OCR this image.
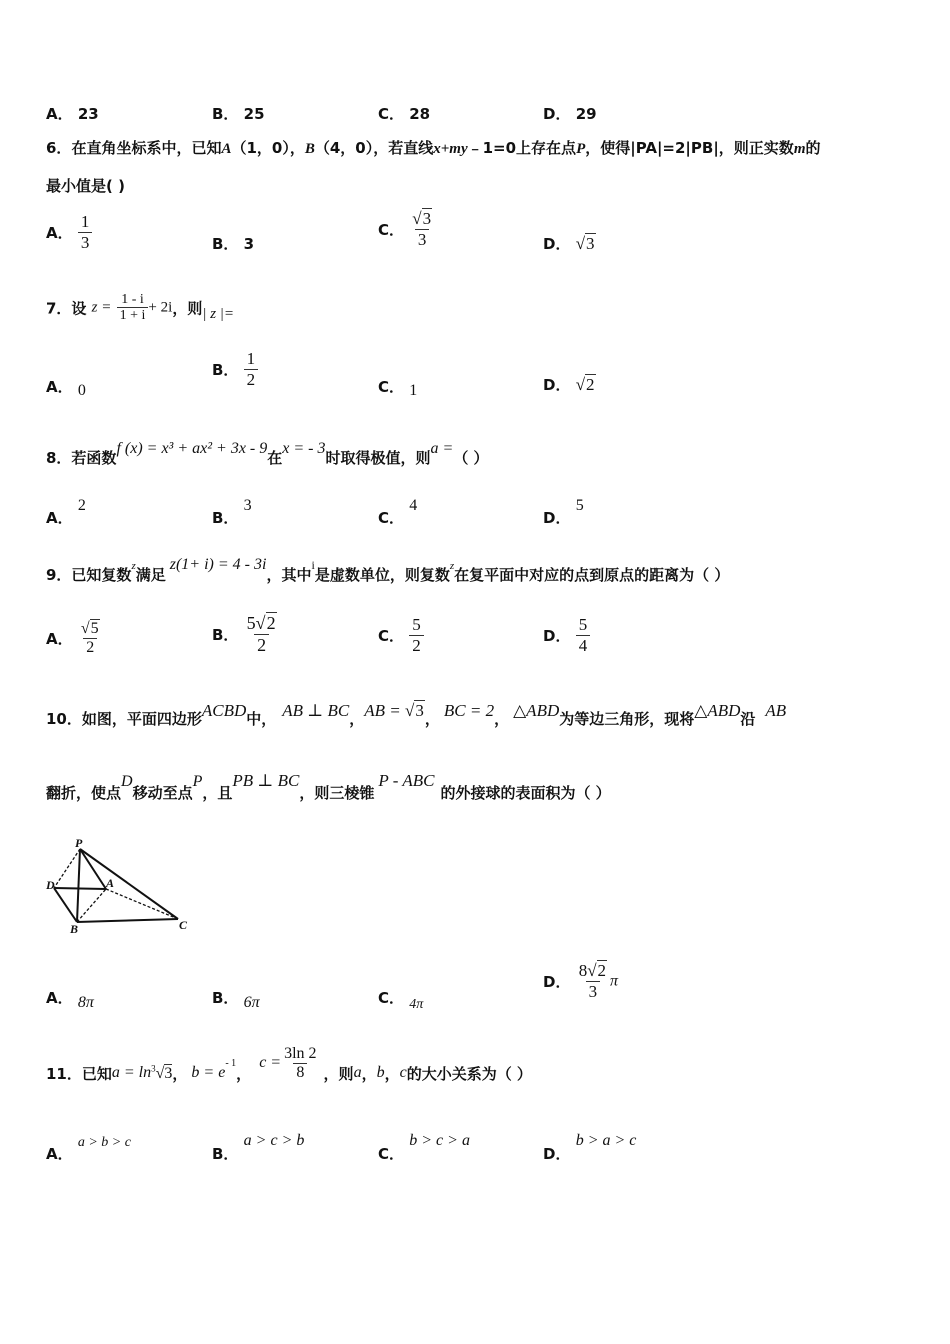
A． 23	B． 25	C． 28	D． 29
6．在直角坐标系中，已知A（1，0），B（4，0），若直线x+my﹣1=0上存在点P，使得|PA|=2|PB|，则正实数m的
最小值是( )
A． $\frac{1}{3}$	B． 3
C． $\frac{√3}{3}$	D． √3
7．设 $z = \frac{1 - i}{1 + i} + 2i$，则| z |=
A． 0
B． $\frac{1}{2}$	C． 1	D． √2
8．若函数f (x) = x³ + ax² + 3x - 9在x = - 3时取得极值，则a =（ ）
A． 2
B． 3
C． 4
D． 5
9．已知复数z满足z(1+ i) = 4 - 3i，其中i是虚数单位，则复数z在复平面中对应的点到原点的距离为（ ）
A． $\frac{√5}{2}$	B． $\frac{5√2}{2}$	C． $\frac{5}{2}$	D． $\frac{5}{4}$
10．如图，平面四边形ACBD中， AB ⊥ BC，AB = √3， BC = 2， △ABD为等边三角形，现将△ABD沿 AB
翻折，使点D移动至点P，且PB ⊥ BC，则三棱锥P - ABC的外接球的表面积为（ ）
P
D	A
B	C
A． 8π	B． 6π	C． 4π
D． $\frac{8√2}{3}$ π
11．已知$a = \ln^3√3$， $b = e^{- 1}$，$c = \frac{3\ln 2}{8}$ ，则a，b，c的大小关系为（ ）
A． a > b > c
B． a > c > b
C． b > c > a
D． b > a > c
